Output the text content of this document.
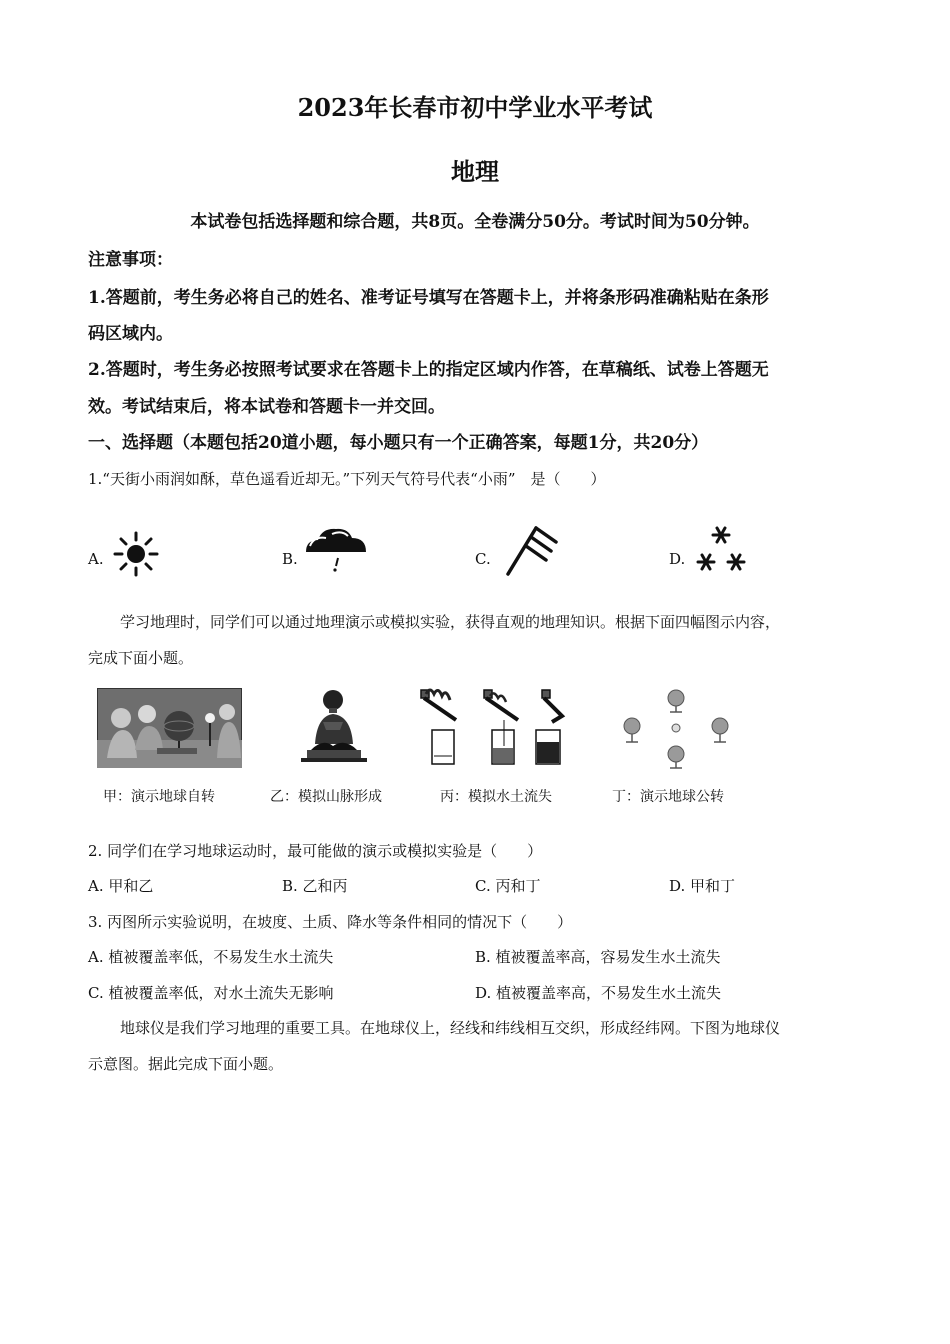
2023年长春市初中学业水平考试
地理
本试卷包括选择题和综合题，共8页。全卷满分50分。考试时间为50分钟。
注意事项：
1.答题前，考生务必将自己的姓名、准考证号填写在答题卡上，并将条形码准确粘贴在条形
码区域内。
2.答题时，考生务必按照考试要求在答题卡上的指定区域内作答，在草稿纸、试卷上答题无
效。考试结束后，将本试卷和答题卡一并交回。
一、选择题（本题包括20道小题，每小题只有一个正确答案，每题1分，共20分）
1.“天街小雨润如酥，草色遥看近却无。”下列天气符号代表“小雨”　是（　　）
A.	B.	C.	D.
学习地理时，同学们可以通过地理演示或模拟实验，获得直观的地理知识。根据下面四幅图示内容，
完成下面小题。
甲：演示地球自转	乙：模拟山脉形成	丙：模拟水土流失	丁：演示地球公转
2. 同学们在学习地球运动时，最可能做的演示或模拟实验是（　　）
A. 甲和乙	B. 乙和丙	C. 丙和丁	D. 甲和丁
3. 丙图所示实验说明，在坡度、土质、降水等条件相同的情况下（　　）
A. 植被覆盖率低，不易发生水土流失	B. 植被覆盖率高，容易发生水土流失
C. 植被覆盖率低，对水土流失无影响	D. 植被覆盖率高，不易发生水土流失
地球仪是我们学习地理的重要工具。在地球仪上，经线和纬线相互交织，形成经纬网。下图为地球仪
示意图。据此完成下面小题。
